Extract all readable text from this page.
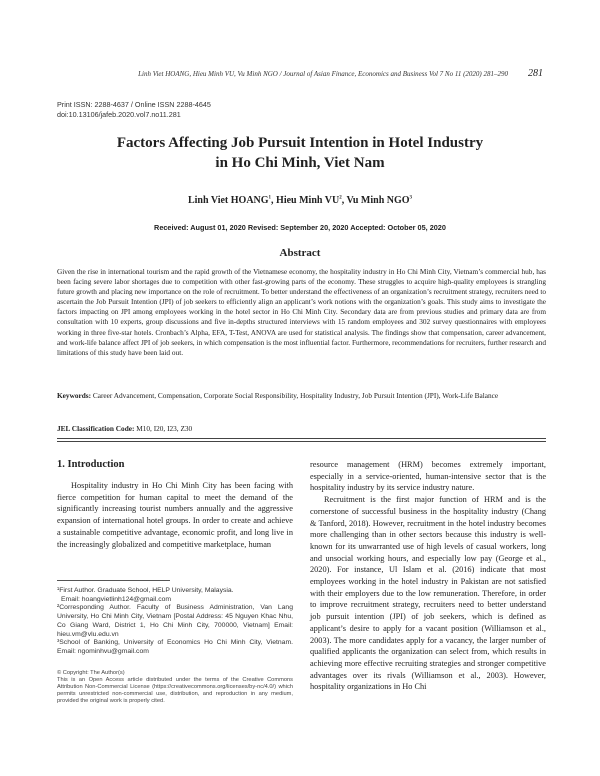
Linh Viet HOANG, Hieu Minh VU, Vu Minh NGO / Journal of Asian Finance, Economics and Business Vol 7 No 11 (2020) 281–290 281
Print ISSN: 2288-4637 / Online ISSN 2288-4645
doi:10.13106/jafeb.2020.vol7.no11.281
Factors Affecting Job Pursuit Intention in Hotel Industry
in Ho Chi Minh, Viet Nam
Linh Viet HOANG$^1$, Hieu Minh $VU^2$, Vu Minh NGO$^3$
Received: August 01, 2020 Revised: September 20, 2020 Accepted: October 05, 2020
Abstract
Given the rise in international tourism and the rapid growth of the Vietnamese economy, the hospitality industry in Ho Chi Minh City, Vietnam’s commercial hub, has been facing severe labor shortages due to competition with other fast-growing parts of the economy. These struggles to acquire high-quality employees is strangling future growth and placing new importance on the role of recruitment. To better understand the effectiveness of an organization’s recruitment strategy, recruiters need to ascertain the Job Pursuit Intention (JPI) of job seekers to efficiently align an applicant’s work notions with the organization’s goals. This study aims to investigate the factors impacting on JPI among employees working in the hotel sector in Ho Chi Minh City. Secondary data are from previous studies and primary data are from consultation with 10 experts, group discussions and five in-depths structured interviews with 15 random employees and 302 survey questionnaires with employees working in three five-star hotels. Cronbach’s Alpha, EFA, T-Test, ANOVA are used for statistical analysis. The findings show that compensation, career advancement, and work-life balance affect JPI of job seekers, in which compensation is the most influential factor. Furthermore, recommendations for recruiters, further research and limitations of this study have been laid out.
Keywords: Career Advancement, Compensation, Corporate Social Responsibility, Hospitality Industry, Job Pursuit Intention (JPI), Work-Life Balance
JEL Classification Code: M10, I20, I23, Z30
1. Introduction

Hospitality industry in Ho Chi Minh City has been facing with fierce competition for human capital to meet the demand of the significantly increasing tourist numbers annually and the aggressive expansion of international hotel groups. In order to create and achieve a sustainable competitive advantage, economic profit, and long live in the increasingly globalized and competitive marketplace, human

resource management (HRM) becomes extremely important, especially in a service-oriented, human-intensive sector that is the hospitality industry by its service industry nature.

Recruitment is the first major function of HRM and is the cornerstone of successful business in the hospitality industry (Chang & Tanford, 2018). However, recruitment in the hotel industry becomes more challenging than in other sectors because this industry is well-known for its unwarranted use of high levels of casual workers, long and unsocial working hours, and especially low pay (George et al., 2020). For instance, Ul Islam et al. (2016) indicate that most employees working in the hotel industry in Pakistan are not satisfied with their employers due to the low remuneration. Therefore, in order to improve recruitment strategy, recruiters need to better understand job pursuit intention (JPI) of job seekers, which is defined as applicant’s desire to apply for a vacant position (Williamson et al., 2003). The more candidates apply for a vacancy, the larger number of qualified applicants the organization can select from, which results in achieving more effective recruiting strategies and stronger competitive advantages over its rivals (Williamson et al., 2003). However, hospitality organizations in Ho Chi

¹First Author. Graduate School, HELP University, Malaysia.

Email: hoangvietlinh124@gmail.com

²Corresponding Author. Faculty of Business Administration, Van Lang University, Ho Chi Minh City, Vietnam [Postal Address: 45 Nguyen Khac Nhu, Co Giang Ward, District 1, Ho Chi Minh City, 700000, Vietnam] Email: hieu.vm@vlu.edu.vn

³School of Banking, University of Economics Ho Chi Minh City, Vietnam. Email: ngominhvu@gmail.com

© Copyright: The Author(s)

This is an Open Access article distributed under the terms of the Creative Commons Attribution Non-Commercial License (https://creativecommons.org/licenses/by-nc/4.0/) which permits unrestricted non-commercial use, distribution, and reproduction in any medium, provided the original work is properly cited.
